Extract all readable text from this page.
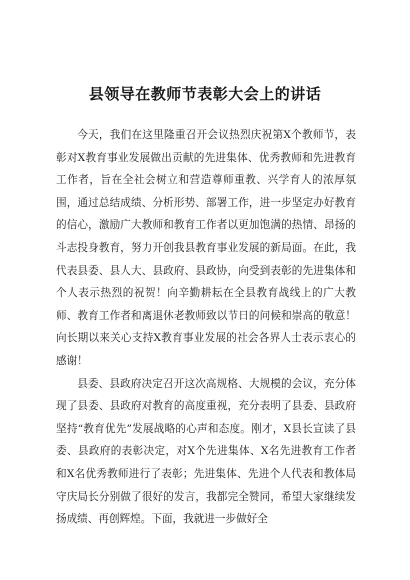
县领导在教师节表彰大会上的讲话

今天，我们在这里隆重召开会议热烈庆祝第X个教师节，表彰对X教育事业发展做出贡献的先进集体、优秀教师和先进教育工作者，旨在全社会树立和营造尊师重教、兴学育人的浓厚氛围，通过总结成绩、分析形势、部署工作，进一步坚定办好教育的信心，激励广大教师和教育工作者以更加饱满的热情、昂扬的斗志投身教育，努力开创我县教育事业发展的新局面。在此，我代表县委、县人大、县政府、县政协，向受到表彰的先进集体和个人表示热烈的祝贺！向辛勤耕耘在全县教育战线上的广大教师、教育工作者和离退休老教师致以节日的问候和崇高的敬意！向长期以来关心支持X教育事业发展的社会各界人士表示衷心的感谢！

县委、县政府决定召开这次高规格、大规模的会议，充分体现了县委、县政府对教育的高度重视，充分表明了县委、县政府坚持“教育优先”发展战略的心声和态度。刚才，X县长宣读了县委、县政府的表彰决定，对X个先进集体、X名先进教育工作者和X名优秀教师进行了表彰；先进集体、先进个人代表和教体局守庆局长分别做了很好的发言，我都完全赞同，希望大家继续发扬成绩、再创辉煌。下面，我就进一步做好全
